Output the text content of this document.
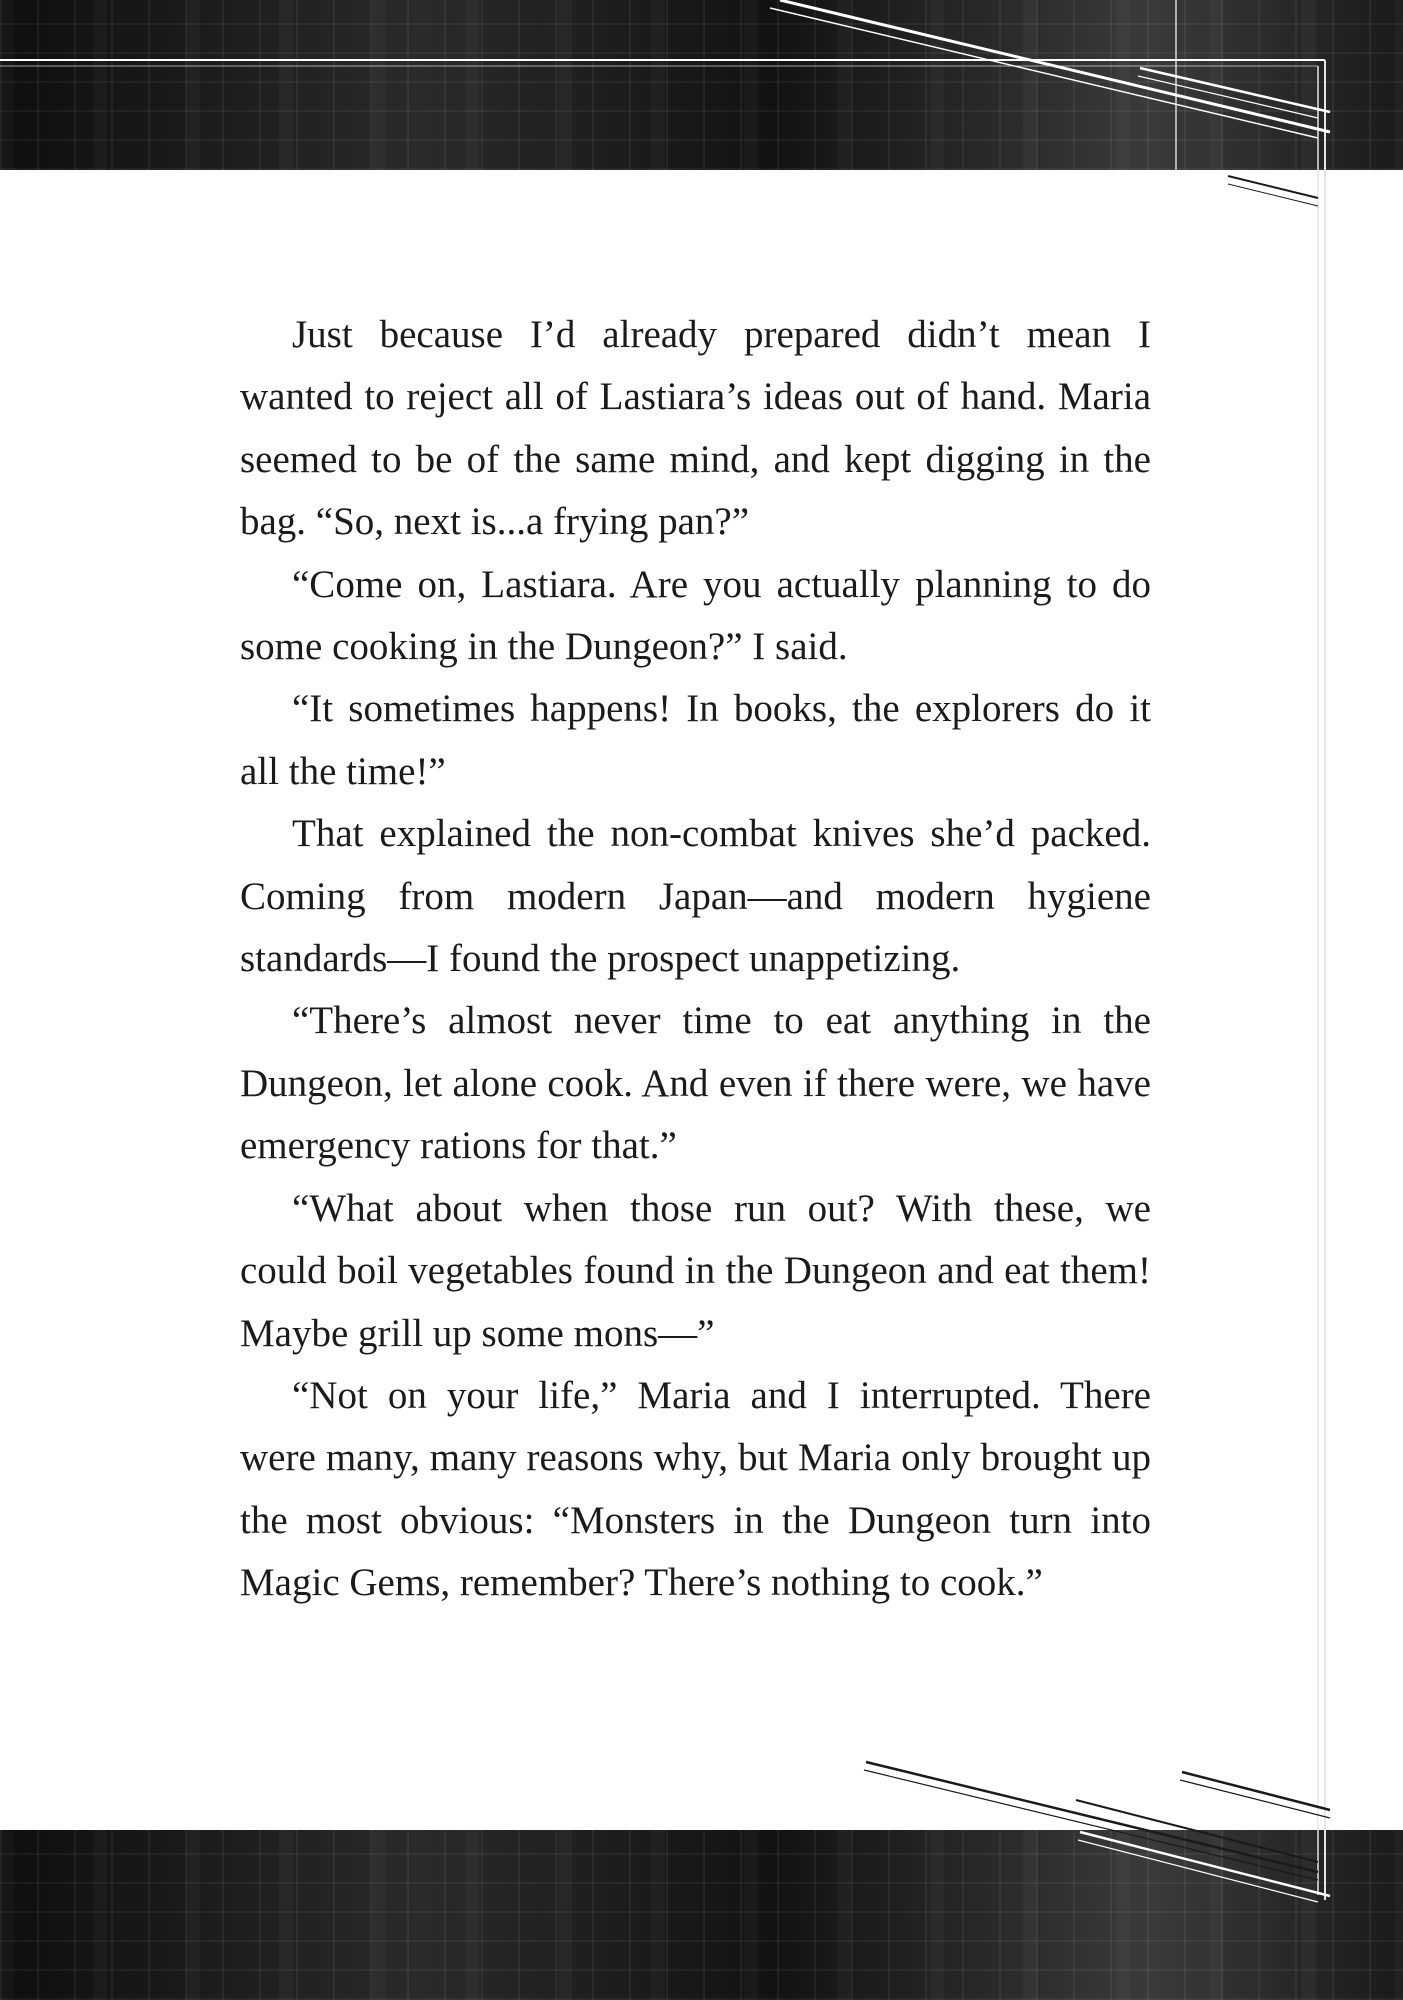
Just because I’d already prepared didn’t mean I wanted to reject all of Lastiara’s ideas out of hand. Maria seemed to be of the same mind, and kept digging in the bag. “So, next is...a frying pan?”

“Come on, Lastiara. Are you actually planning to do some cooking in the Dungeon?” I said.

“It sometimes happens! In books, the explorers do it all the time!”

That explained the non-combat knives she’d packed. Coming from modern Japan—and modern hygiene standards—I found the prospect unappetizing.

“There’s almost never time to eat anything in the Dungeon, let alone cook. And even if there were, we have emergency rations for that.”

“What about when those run out? With these, we could boil vegetables found in the Dungeon and eat them! Maybe grill up some mons—”

“Not on your life,” Maria and I interrupted. There were many, many reasons why, but Maria only brought up the most obvious: “Monsters in the Dungeon turn into Magic Gems, remember? There’s nothing to cook.”
